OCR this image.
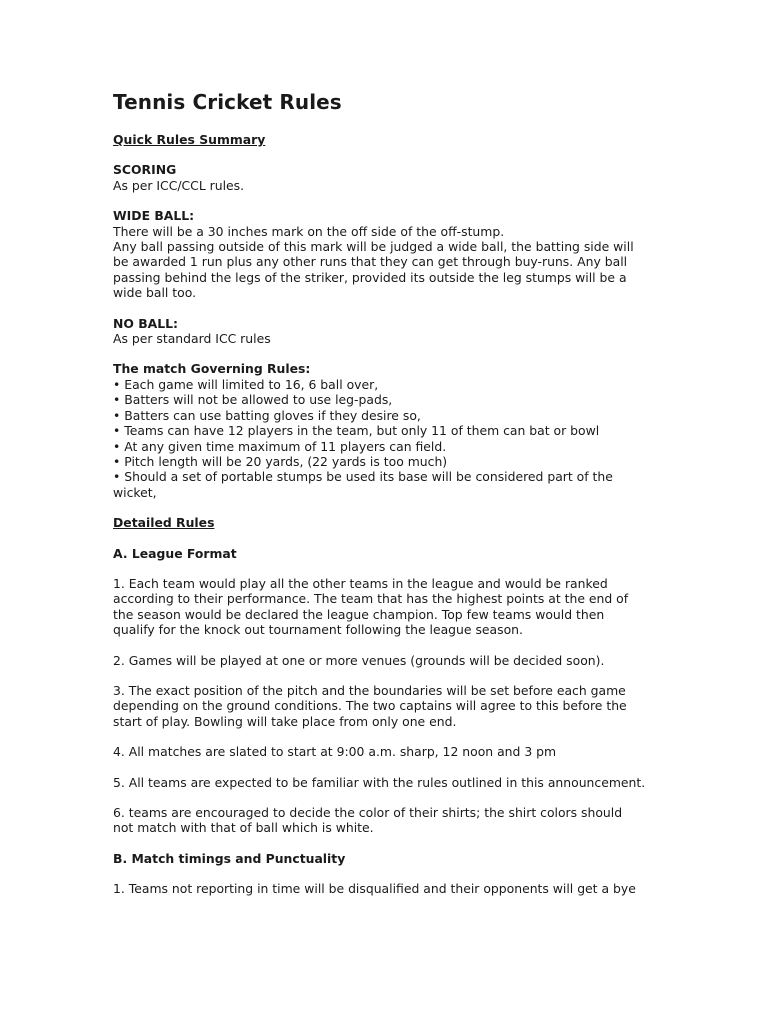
Tennis Cricket Rules
Quick Rules Summary
SCORING
As per ICC/CCL rules.
WIDE BALL:
There will be a 30 inches mark on the off side of the off-stump.
Any ball passing outside of this mark will be judged a wide ball, the batting side will
be awarded 1 run plus any other runs that they can get through buy-runs. Any ball
passing behind the legs of the striker, provided its outside the leg stumps will be a
wide ball too.
NO BALL:
As per standard ICC rules
The match Governing Rules:
• Each game will limited to 16, 6 ball over,
• Batters will not be allowed to use leg-pads,
• Batters can use batting gloves if they desire so,
• Teams can have 12 players in the team, but only 11 of them can bat or bowl
• At any given time maximum of 11 players can field.
• Pitch length will be 20 yards, (22 yards is too much)
• Should a set of portable stumps be used its base will be considered part of the
wicket,
Detailed Rules
A. League Format

1. Each team would play all the other teams in the league and would be ranked
according to their performance. The team that has the highest points at the end of
the season would be declared the league champion. Top few teams would then
qualify for the knock out tournament following the league season.

2. Games will be played at one or more venues (grounds will be decided soon).

3. The exact position of the pitch and the boundaries will be set before each game
depending on the ground conditions. The two captains will agree to this before the
start of play. Bowling will take place from only one end.

4. All matches are slated to start at 9:00 a.m. sharp, 12 noon and 3 pm

5. All teams are expected to be familiar with the rules outlined in this announcement.

6. teams are encouraged to decide the color of their shirts; the shirt colors should
not match with that of ball which is white.

B. Match timings and Punctuality

1. Teams not reporting in time will be disqualified and their opponents will get a bye
